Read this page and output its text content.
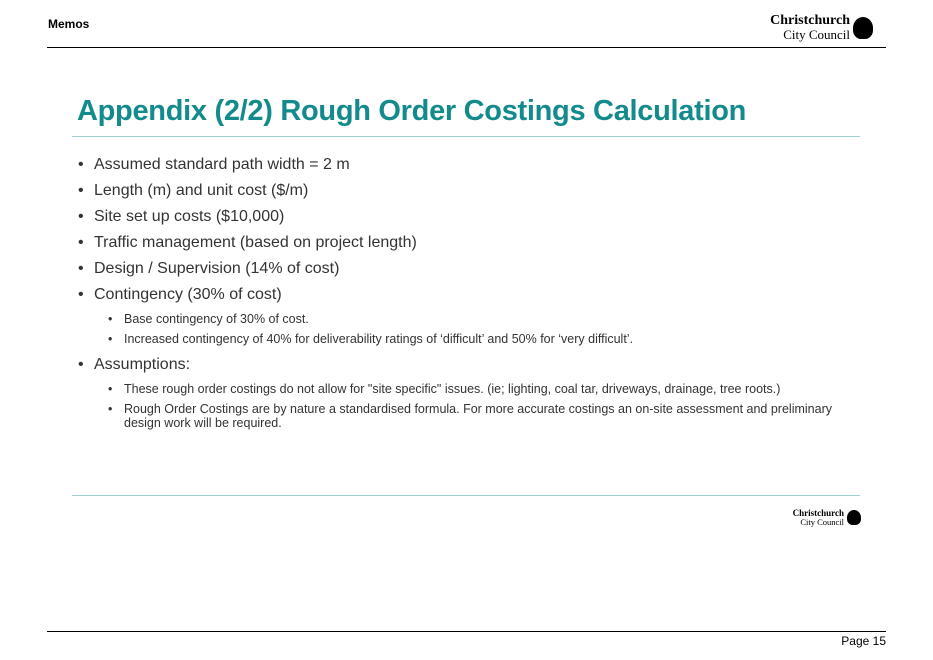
Memos	Christchurch
City Council
Appendix (2/2) Rough Order Costings Calculation
• Assumed standard path width = 2 m
• Length (m) and unit cost ($/m)
• Site set up costs ($10,000)
• Traffic management (based on project length)
• Design / Supervision (14% of cost)
• Contingency (30% of cost)
• Base contingency of 30% of cost.
• Increased contingency of 40% for deliverability ratings of ‘difficult’ and 50% for ‘very difficult’.
• Assumptions:
• These rough order costings do not allow for "site specific" issues. (ie; lighting, coal tar, driveways, drainage, tree roots.)
• Rough Order Costings are by nature a standardised formula. For more accurate costings an on-site assessment and preliminary design work will be required.
Christchurch
City Council
Page 15
